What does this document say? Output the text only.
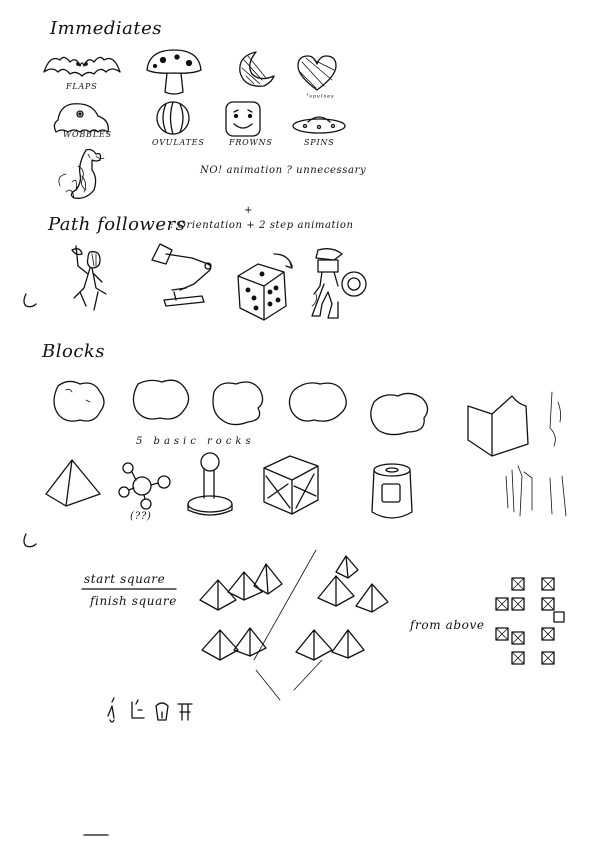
Immediates
FLAPS
ʼˢᵖᵘˡˢᵉˢ
WOBBLES
OVULATES	FROWNS	SPINS
NO! animation ? unnecessary
Path followers
: Orientation + 2 step animation
+
Blocks
5 basic rocks
(??)
start square
finish square
from above
